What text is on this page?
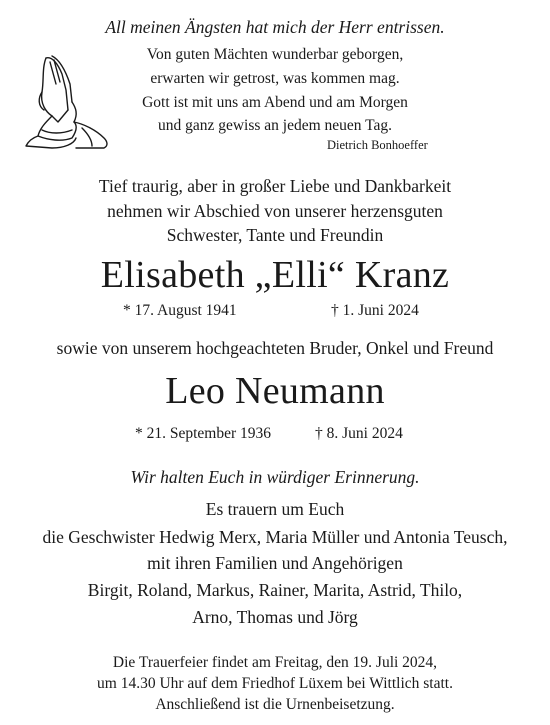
All meinen Ängsten hat mich der Herr entrissen.
Von guten Mächten wunderbar geborgen,
erwarten wir getrost, was kommen mag.
Gott ist mit uns am Abend und am Morgen
und ganz gewiss an jedem neuen Tag.
Dietrich Bonhoeffer
Tief traurig, aber in großer Liebe und Dankbarkeit
nehmen wir Abschied von unserer herzensguten
Schwester, Tante und Freundin
Elisabeth „Elli“ Kranz
* 17. August 1941	† 1. Juni 2024
sowie von unserem hochgeachteten Bruder, Onkel und Freund
Leo Neumann
* 21. September 1936	† 8. Juni 2024
Wir halten Euch in würdiger Erinnerung.
Es trauern um Euch
die Geschwister Hedwig Merx, Maria Müller und Antonia Teusch,
mit ihren Familien und Angehörigen
Birgit, Roland, Markus, Rainer, Marita, Astrid, Thilo,
Arno, Thomas und Jörg
Die Trauerfeier findet am Freitag, den 19. Juli 2024,
um 14.30 Uhr auf dem Friedhof Lüxem bei Wittlich statt.
Anschließend ist die Urnenbeisetzung.
